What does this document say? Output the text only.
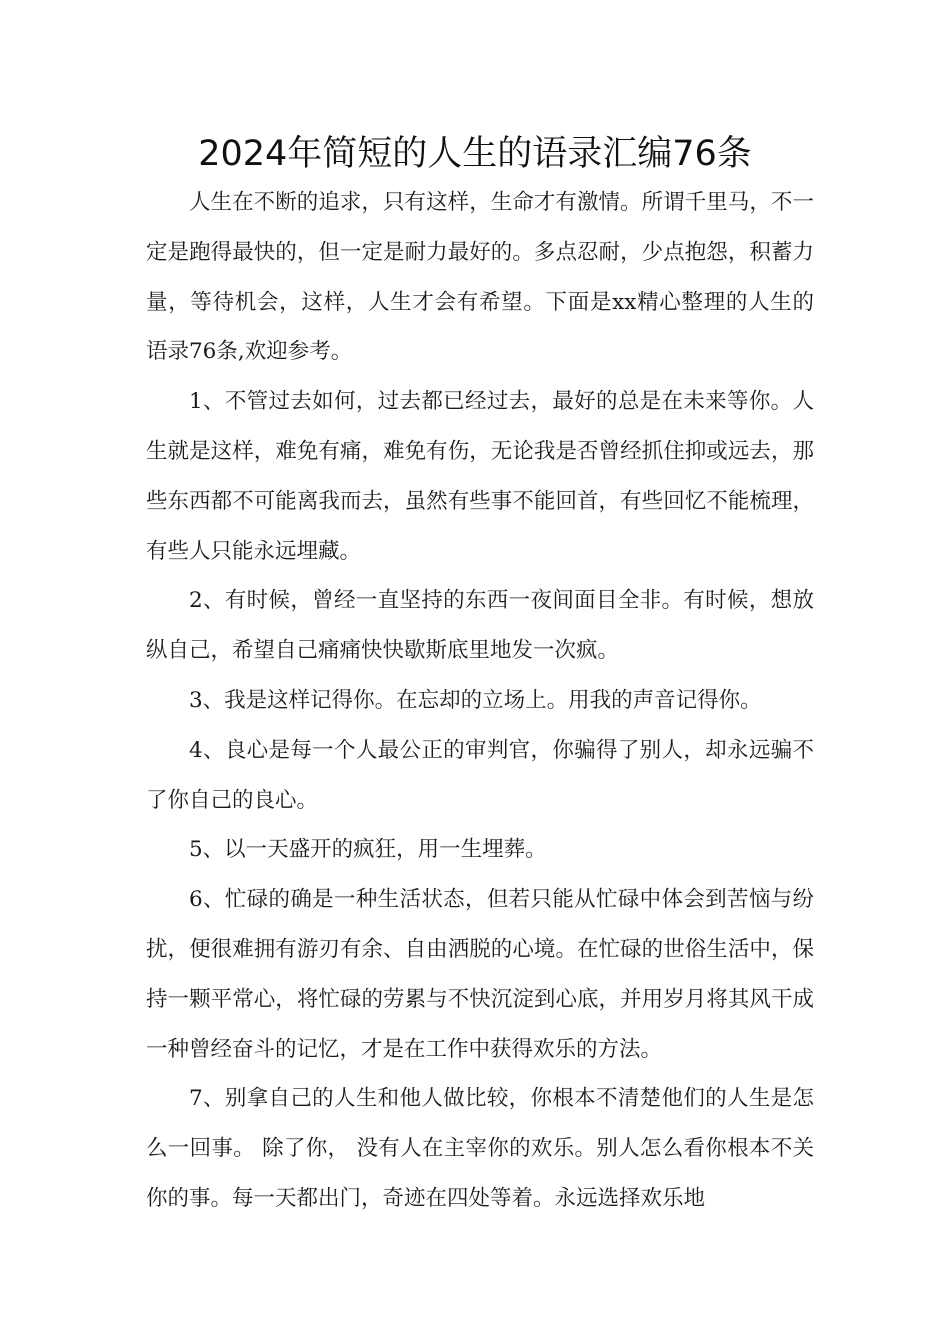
2024年简短的人生的语录汇编76条

人生在不断的追求，只有这样，生命才有激情。所谓千里马，不一定是跑得最快的，但一定是耐力最好的。多点忍耐，少点抱怨，积蓄力量，等待机会，这样，人生才会有希望。下面是xx精心整理的人生的语录76条,欢迎参考。

1、不管过去如何，过去都已经过去，最好的总是在未来等你。人生就是这样，难免有痛，难免有伤，无论我是否曾经抓住抑或远去，那些东西都不可能离我而去，虽然有些事不能回首，有些回忆不能梳理，有些人只能永远埋藏。

2、有时候，曾经一直坚持的东西一夜间面目全非。有时候，想放纵自己，希望自己痛痛快快歇斯底里地发一次疯。

3、我是这样记得你。在忘却的立场上。用我的声音记得你。

4、良心是每一个人最公正的审判官，你骗得了别人，却永远骗不了你自己的良心。

5、以一天盛开的疯狂，用一生埋葬。

6、忙碌的确是一种生活状态，但若只能从忙碌中体会到苦恼与纷扰，便很难拥有游刃有余、自由洒脱的心境。在忙碌的世俗生活中，保持一颗平常心，将忙碌的劳累与不快沉淀到心底，并用岁月将其风干成一种曾经奋斗的记忆，才是在工作中获得欢乐的方法。

7、别拿自己的人生和他人做比较，你根本不清楚他们的人生是怎么一回事。 除了你， 没有人在主宰你的欢乐。别人怎么看你根本不关你的事。每一天都出门，奇迹在四处等着。永远选择欢乐地
